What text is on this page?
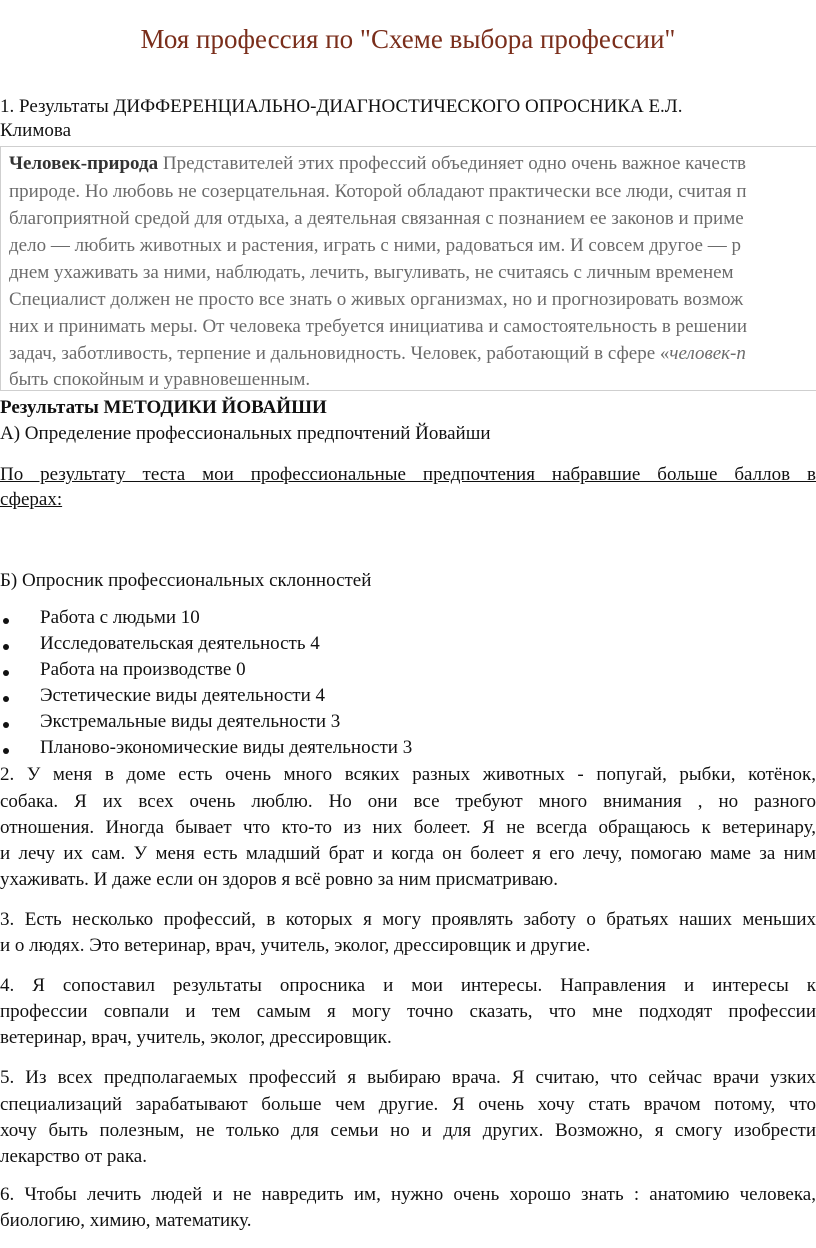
Моя профессия по "Схеме выбора профессии"
1. Результаты ДИФФЕРЕНЦИАЛЬНО-ДИАГНОСТИЧЕСКОГО ОПРОСНИКА Е.Л.
Климова
Человек-природа Представителей этих профессий объединяет одно очень важное качеств
природе. Но любовь не созерцательная. Которой обладают практически все люди, считая п
благоприятной средой для отдыха, а деятельная связанная с познанием ее законов и приме
дело — любить животных и растения, играть с ними, радоваться им. И совсем другое — р
днем ухаживать за ними, наблюдать, лечить, выгуливать, не считаясь с личным временем
Специалист должен не просто все знать о живых организмах, но и прогнозировать возмож
них и принимать меры. От человека требуется инициатива и самостоятельность в решении
задач, заботливость, терпение и дальновидность. Человек, работающий в сфере «человек-п
быть спокойным и уравновешенным.
Результаты МЕТОДИКИ ЙОВАЙШИ
А) Определение профессиональных предпочтений Йовайши
По результату теста мои профессиональные предпочтения набравшие больше баллов в
сферах:
Б) Опросник профессиональных склонностей
Работа с людьми 10
Исследовательская деятельность 4
Работа на производстве 0
Эстетические виды деятельности 4
Экстремальные виды деятельности 3
Планово-экономические виды деятельности 3
2. У меня в доме есть очень много всяких разных животных - попугай, рыбки, котёнок,
собака. Я их всех очень люблю. Но они все требуют много внимания , но разного
отношения. Иногда бывает что кто-то из них болеет. Я не всегда обращаюсь к ветеринару,
и лечу их сам. У меня есть младший брат и когда он болеет я его лечу, помогаю маме за ним
ухаживать. И даже если он здоров я всё ровно за ним присматриваю.
3. Есть несколько профессий, в которых я могу проявлять заботу о братьях наших меньших
и о людях. Это ветеринар, врач, учитель, эколог, дрессировщик и другие.
4. Я сопоставил результаты опросника и мои интересы. Направления и интересы к
профессии совпали и тем самым я могу точно сказать, что мне подходят профессии
ветеринар, врач, учитель, эколог, дрессировщик.
5. Из всех предполагаемых профессий я выбираю врача. Я считаю, что сейчас врачи узких
специализаций зарабатывают больше чем другие. Я очень хочу стать врачом потому, что
хочу быть полезным, не только для семьи но и для других. Возможно, я смогу изобрести
лекарство от рака.
6. Чтобы лечить людей и не навредить им, нужно очень хорошо знать : анатомию человека,
биологию, химию, математику.
